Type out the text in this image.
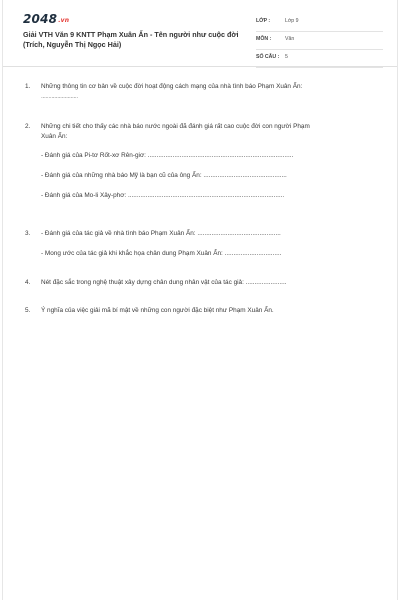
2048.vn
Giải VTH Văn 9 KNTT Phạm Xuân Ẩn - Tên người như cuộc đời (Trích, Nguyễn Thị Ngọc Hải)
LỚP :	Lớp 9
MÔN :	Văn
SỐ CÂU : 5
1. Những thông tin cơ bản về cuộc đời hoạt động cách mạng của nhà tình báo Phạm Xuân Ẩn:
.........................
2. Những chi tiết cho thấy các nhà báo nước ngoài đã đánh giá rất cao cuộc đời con người Phạm
Xuân Ẩn:
- Đánh giá của Pi-tơ Rốt-xơ Rên-giơ: ..................................................................................
- Đánh giá của những nhà báo Mỹ là bạn cũ của ông Ẩn: ...............................................
- Đánh giá của Mo-li Xây-phơ: ........................................................................................
3. - Đánh giá của tác giả về nhà tình báo Phạm Xuân Ẩn: ...............................................
- Mong ước của tác giả khi khắc họa chân dung Phạm Xuân Ẩn: ................................
4. Nét đặc sắc trong nghệ thuật xây dựng chân dung nhân vật của tác giả: .......................
5. Ý nghĩa của việc giải mã bí mật về những con người đặc biệt như Phạm Xuân Ẩn.
